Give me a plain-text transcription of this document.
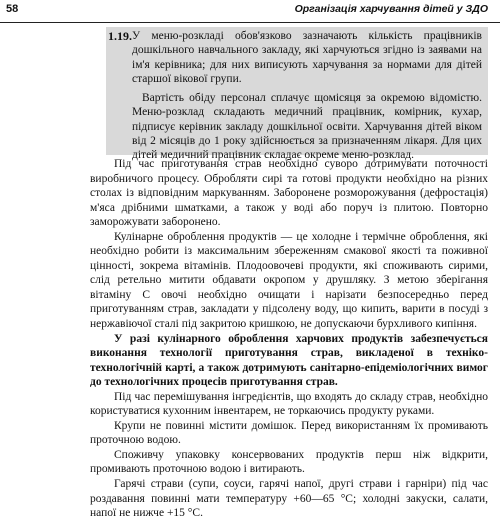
58	Організація харчування дітей у ЗДО
1.19. У меню-розкладі обов'язково зазначають кількість працівників дошкільного навчального закладу, які харчуються згідно із заявами на ім'я керівника; для них виписують харчування за нормами для дітей старшої вікової групи.
Вартість обіду персонал сплачує щомісяця за окремою відомістю. Меню-розклад складають медичний працівник, комірник, кухар, підписує керівник закладу дошкільної освіти. Харчування дітей віком від 2 місяців до 1 року здійснюється за призначенням лікаря. Для цих дітей медичний працівник складає окреме меню-розклад.

Під час приготування страв необхідно суворо дотримувати поточності виробничого процесу. Обробляти сирі та готові продукти необхідно на різних столах із відповідним маркуванням. Заборонене розморожування (дефростація) м'яса дрібними шматками, а також у воді або поруч із плитою. Повторно заморожувати заборонено.

Кулінарне оброблення продуктів — це холодне і термічне оброблення, які необхідно робити із максимальним збереженням смакової якості та поживної цінності, зокрема вітамінів. Плодоовочеві продукти, які споживають сирими, слід ретельно митити обдавати окропом у друшляку. З метою зберігання вітаміну С овочі необхідно очищати і нарізати безпосередньо перед приготуванням страв, закладати у підсолену воду, що кипить, варити в посуді з нержавіючої сталі під закритою кришкою, не допускаючи бурхливого кипіння.

У разі кулінарного оброблення харчових продуктів забезпечується виконання технології приготування страв, викладеної в техніко-технологічній карті, а також дотримують санітарно-епідеміологічних вимог до технологічних процесів приготування страв.

Під час перемішування інгредієнтів, що входять до складу страв, необхідно користуватися кухонним інвентарем, не торкаючись продукту руками.

Крупи не повинні містити домішок. Перед використанням їх промивають проточною водою.

Споживчу упаковку консервованих продуктів перш ніж відкрити, промивають проточною водою і витирають.

Гарячі страви (супи, соуси, гарячі напої, другі страви і гарніри) під час роздавання повинні мати температуру +60—65 °С; холодні закуски, салати, напої не нижче +15 °С.
